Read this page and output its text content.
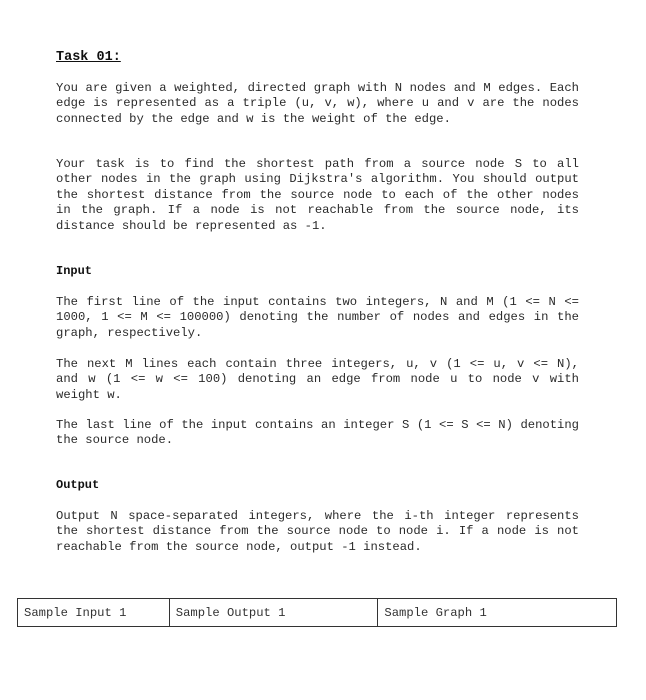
Task 01:

You are given a weighted, directed graph with N nodes and M edges. Each edge is represented as a triple (u, v, w), where u and v are the nodes connected by the edge and w is the weight of the edge.

Your task is to find the shortest path from a source node S to all other nodes in the graph using Dijkstra's algorithm. You should output the shortest distance from the source node to each of the other nodes in the graph. If a node is not reachable from the source node, its distance should be represented as -1.

Input

The first line of the input contains two integers, N and M (1 <= N <= 1000, 1 <= M <= 100000) denoting the number of nodes and edges in the graph, respectively.

The next M lines each contain three integers, u, v (1 <= u, v <= N), and w (1 <= w <= 100) denoting an edge from node u to node v with weight w.

The last line of the input contains an integer S (1 <= S <= N) denoting the source node.

Output

Output N space-separated integers, where the i-th integer represents the shortest distance from the source node to node i. If a node is not reachable from the source node, output -1 instead.

Sample Input 1	Sample Output 1	Sample Graph 1
